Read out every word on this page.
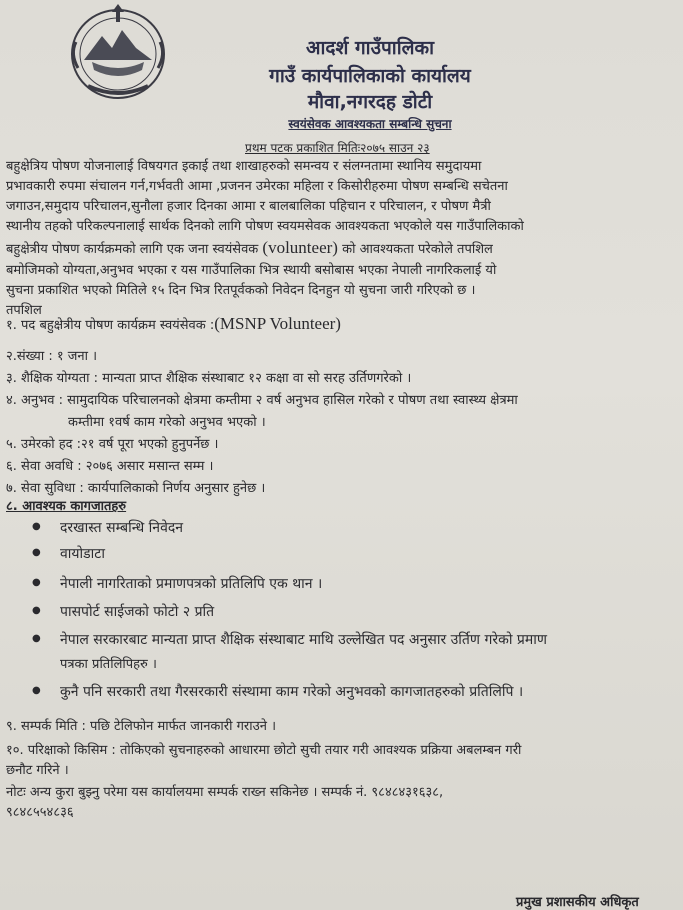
आदर्श गाउँपालिका
गाउँ कार्यपालिकाको कार्यालय
मौवा,नगरदह डोटी
स्वयंसेवक आवश्यकता सम्बन्धि सुचना
प्रथम पटक प्रकाशित मितिः२०७५ साउन २३
बहुक्षेत्रिय पोषण योजनालाई विषयगत इकाई तथा शाखाहरुको समन्वय र संलग्नतामा स्थानिय समुदायमा
प्रभावकारी रुपमा संचालन गर्न,गर्भवती आमा ,प्रजनन उमेरका महिला र किसोरीहरुमा पोषण सम्बन्धि सचेतना
जगाउन,समुदाय परिचालन,सुनौला हजार दिनका आमा र बालबालिका पहिचान र परिचालन, र पोषण मैत्री
स्थानीय तहको परिकल्पनालाई सार्थक दिनको लागि पोषण स्वयमसेवक आवश्यकता भएकोले यस गाउँपालिकाको
बहुक्षेत्रीय पोषण कार्यक्रमको लागि एक जना स्वयंसेवक (volunteer) को आवश्यकता परेकोले तपशिल
बमोजिमको योग्यता,अनुभव भएका र यस गाउँपालिका भित्र स्थायी बसोबास भएका नेपाली नागरिकलाई यो
सुचना प्रकाशित भएको मितिले १५ दिन भित्र रितपूर्वकको निवेदन दिनहुन यो सुचना जारी गरिएको छ ।
तपशिल
१. पद बहुक्षेत्रीय पोषण कार्यक्रम स्वयंसेवक :(MSNP Volunteer)
२.संख्या : १ जना ।
३. शैक्षिक योग्यता : मान्यता प्राप्त शैक्षिक संस्थाबाट १२ कक्षा वा सो सरह उर्तिणगरेको ।
४. अनुभव : सामुदायिक परिचालनको क्षेत्रमा कम्तीमा २ वर्ष अनुभव हासिल गरेको र पोषण तथा स्वास्थ्य क्षेत्रमा
कम्तीमा १वर्ष काम गरेको अनुभव भएको ।
५. उमेरको हद :२१ वर्ष पूरा भएको हुनुपर्नेछ ।
६. सेवा अवधि : २०७६ असार मसान्त सम्म ।
७. सेवा सुविधा : कार्यपालिकाको निर्णय अनुसार हुनेछ ।
८. आवश्यक कागजातहरु
दरखास्त सम्बन्धि निवेदन
वायोडाटा
नेपाली नागरिताको प्रमाणपत्रको प्रतिलिपि एक थान ।
पासपोर्ट साईजको फोटो २ प्रति
नेपाल सरकारबाट मान्यता प्राप्त शैक्षिक संस्थाबाट माथि उल्लेखित पद अनुसार उर्तिण गरेको प्रमाण
पत्रका प्रतिलिपिहरु ।
कुनै पनि सरकारी तथा गैरसरकारी संस्थामा काम गरेको अनुभवको कागजातहरुको प्रतिलिपि ।
९. सम्पर्क मिति : पछि टेलिफोन मार्फत जानकारी गराउने ।
१०. परिक्षाको किसिम : तोकिएको सुचनाहरुको आधारमा छोटो सुची तयार गरी आवश्यक प्रक्रिया अबलम्बन गरी
छनौट गरिने ।
नोटः अन्य कुरा बुझ्नु परेमा यस कार्यालयमा सम्पर्क राख्न सकिनेछ । सम्पर्क नं. ९८४८४३१६३८,
९८४८५५४८३६
प्रमुख प्रशासकीय अधिकृत
